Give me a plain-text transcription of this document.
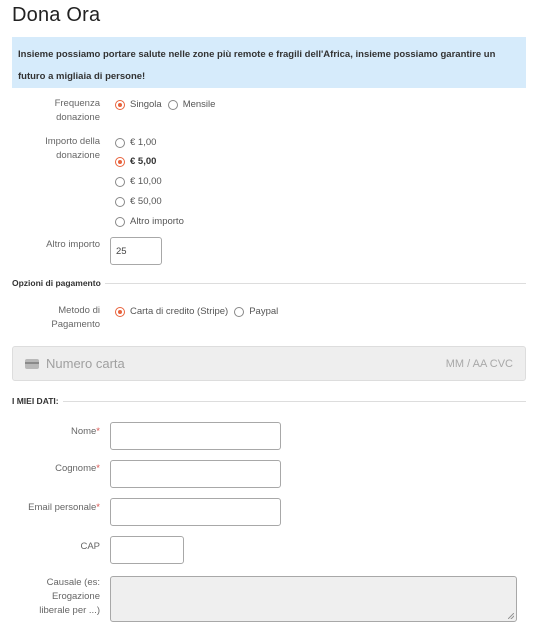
Dona Ora
Insieme possiamo portare salute nelle zone più remote e fragili dell'Africa, insieme possiamo garantire un futuro a migliaia di persone!
Frequenza
donazione
Singola Mensile
Importo della
donazione
€ 1,00
€ 5,00
€ 10,00
€ 50,00
Altro importo
Altro importo
25
Opzioni di pagamento
Metodo di
Pagamento
Carta di credito (Stripe) Paypal
Numero carta	MM / AA CVC
I MIEI DATI:
Nome*
Cognome*
Email personale*
CAP
Causale (es:
Erogazione
liberale per ...)
